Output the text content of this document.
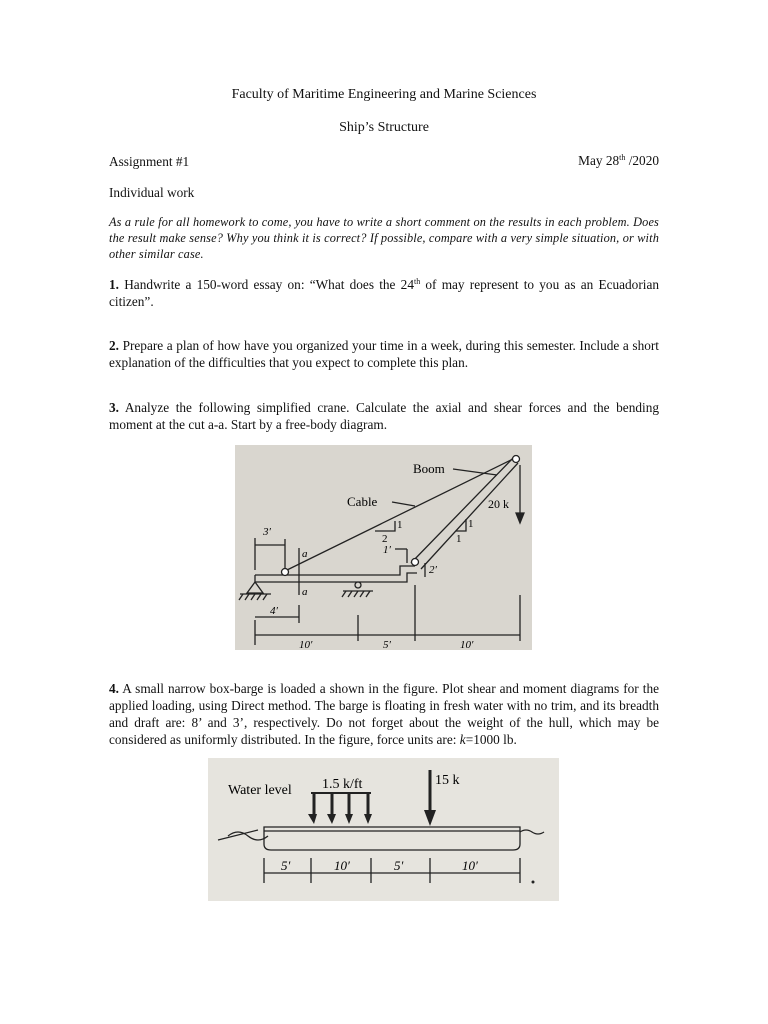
Faculty of Maritime Engineering and Marine Sciences
Ship’s Structure
Assignment #1	May 28th /2020
Individual work
As a rule for all homework to come, you have to write a short comment on the results in each problem. Does the result make sense? Why you think it is correct? If possible, compare with a very simple situation, or with other similar case.
1. Handwrite a 150-word essay on: “What does the 24th of may represent to you as an Ecuadorian citizen”.
2. Prepare a plan of how have you organized your time in a week, during this semester. Include a short explanation of the difficulties that you expect to complete this plan.
3. Analyze the following simplified crane. Calculate the axial and shear forces and the bending moment at the cut a-a. Start by a free-body diagram.
Boom
Cable	20 k
1
2
1
1
3′
4′
1′
2′
10′	5′	10′
a
a
4. A small narrow box-barge is loaded a shown in the figure. Plot shear and moment diagrams for the applied loading, using Direct method. The barge is floating in fresh water with no trim, and its breadth and draft are: 8’ and 3’, respectively. Do not forget about the weight of the hull, which may be considered as uniformly distributed. In the figure, force units are: k=1000 lb.
Water level 1.5 k/ft	15 k
5′	10′	5′	10′
